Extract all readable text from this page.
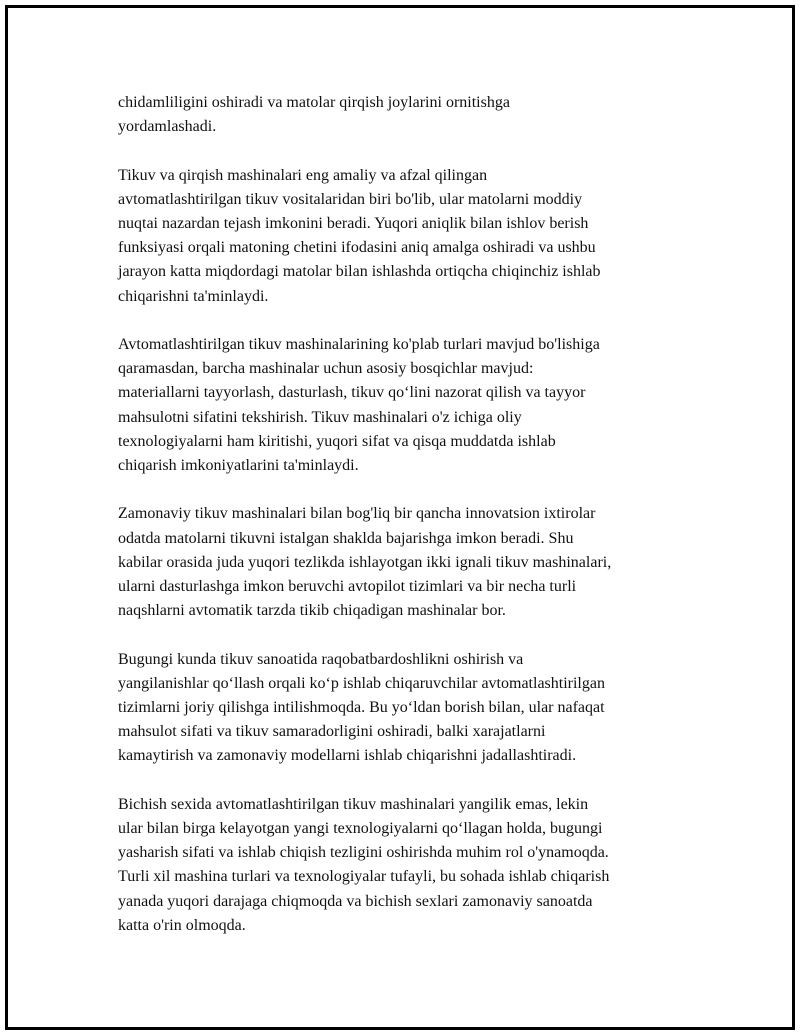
chidamliligini oshiradi va matolar qirqish joylarini ornitishga
yordamlashadi.

Tikuv va qirqish mashinalari eng amaliy va afzal qilingan
avtomatlashtirilgan tikuv vositalaridan biri bo'lib, ular matolarni moddiy
nuqtai nazardan tejash imkonini beradi. Yuqori aniqlik bilan ishlov berish
funksiyasi orqali matoning chetini ifodasini aniq amalga oshiradi va ushbu
jarayon katta miqdordagi matolar bilan ishlashda ortiqcha chiqinchiz ishlab
chiqarishni ta'minlaydi.

Avtomatlashtirilgan tikuv mashinalarining ko'plab turlari mavjud bo'lishiga
qaramasdan, barcha mashinalar uchun asosiy bosqichlar mavjud:
materiallarni tayyorlash, dasturlash, tikuv qo‘lini nazorat qilish va tayyor
mahsulotni sifatini tekshirish. Tikuv mashinalari o'z ichiga oliy
texnologiyalarni ham kiritishi, yuqori sifat va qisqa muddatda ishlab
chiqarish imkoniyatlarini ta'minlaydi.

Zamonaviy tikuv mashinalari bilan bog'liq bir qancha innovatsion ixtirolar
odatda matolarni tikuvni istalgan shaklda bajarishga imkon beradi. Shu
kabilar orasida juda yuqori tezlikda ishlayotgan ikki ignali tikuv mashinalari,
ularni dasturlashga imkon beruvchi avtopilot tizimlari va bir necha turli
naqshlarni avtomatik tarzda tikib chiqadigan mashinalar bor.

Bugungi kunda tikuv sanoatida raqobatbardoshlikni oshirish va
yangilanishlar qo‘llash orqali ko‘p ishlab chiqaruvchilar avtomatlashtirilgan
tizimlarni joriy qilishga intilishmoqda. Bu yo‘ldan borish bilan, ular nafaqat
mahsulot sifati va tikuv samaradorligini oshiradi, balki xarajatlarni
kamaytirish va zamonaviy modellarni ishlab chiqarishni jadallashtiradi.

Bichish sexida avtomatlashtirilgan tikuv mashinalari yangilik emas, lekin
ular bilan birga kelayotgan yangi texnologiyalarni qo‘llagan holda, bugungi
yasharish sifati va ishlab chiqish tezligini oshirishda muhim rol o'ynamoqda.
Turli xil mashina turlari va texnologiyalar tufayli, bu sohada ishlab chiqarish
yanada yuqori darajaga chiqmoqda va bichish sexlari zamonaviy sanoatda
katta o'rin olmoqda.
